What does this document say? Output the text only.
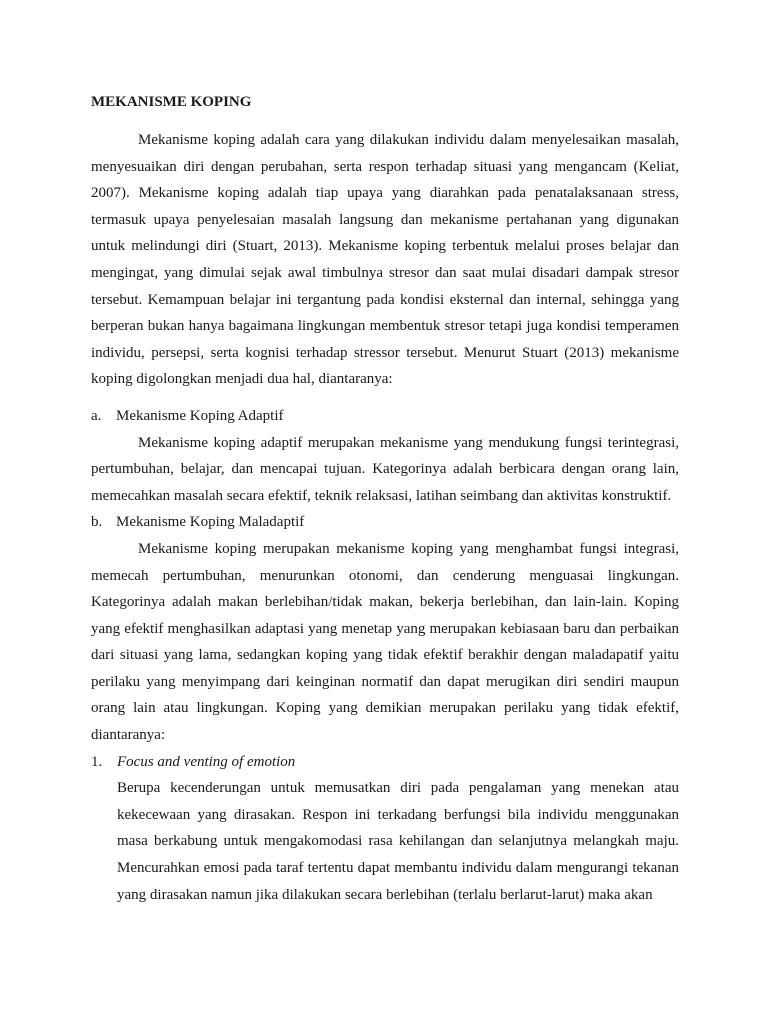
MEKANISME KOPING

Mekanisme koping adalah cara yang dilakukan individu dalam menyelesaikan masalah, menyesuaikan diri dengan perubahan, serta respon terhadap situasi yang mengancam (Keliat, 2007). Mekanisme koping adalah tiap upaya yang diarahkan pada penatalaksanaan stress, termasuk upaya penyelesaian masalah langsung dan mekanisme pertahanan yang digunakan untuk melindungi diri (Stuart, 2013). Mekanisme koping terbentuk melalui proses belajar dan mengingat, yang dimulai sejak awal timbulnya stresor dan saat mulai disadari dampak stresor tersebut. Kemampuan belajar ini tergantung pada kondisi eksternal dan internal, sehingga yang berperan bukan hanya bagaimana lingkungan membentuk stresor tetapi juga kondisi temperamen individu, persepsi, serta kognisi terhadap stressor tersebut. Menurut Stuart (2013) mekanisme koping digolongkan menjadi dua hal, diantaranya:

a. Mekanisme Koping Adaptif

Mekanisme koping adaptif merupakan mekanisme yang mendukung fungsi terintegrasi, pertumbuhan, belajar, dan mencapai tujuan. Kategorinya adalah berbicara dengan orang lain, memecahkan masalah secara efektif, teknik relaksasi, latihan seimbang dan aktivitas konstruktif.

b. Mekanisme Koping Maladaptif

Mekanisme koping merupakan mekanisme koping yang menghambat fungsi integrasi, memecah pertumbuhan, menurunkan otonomi, dan cenderung menguasai lingkungan. Kategorinya adalah makan berlebihan/tidak makan, bekerja berlebihan, dan lain-lain. Koping yang efektif menghasilkan adaptasi yang menetap yang merupakan kebiasaan baru dan perbaikan dari situasi yang lama, sedangkan koping yang tidak efektif berakhir dengan maladapatif yaitu perilaku yang menyimpang dari keinginan normatif dan dapat merugikan diri sendiri maupun orang lain atau lingkungan. Koping yang demikian merupakan perilaku yang tidak efektif, diantaranya:

1. Focus and venting of emotion

Berupa kecenderungan untuk memusatkan diri pada pengalaman yang menekan atau kekecewaan yang dirasakan. Respon ini terkadang berfungsi bila individu menggunakan masa berkabung untuk mengakomodasi rasa kehilangan dan selanjutnya melangkah maju. Mencurahkan emosi pada taraf tertentu dapat membantu individu dalam mengurangi tekanan yang dirasakan namun jika dilakukan secara berlebihan (terlalu berlarut-larut) maka akan
